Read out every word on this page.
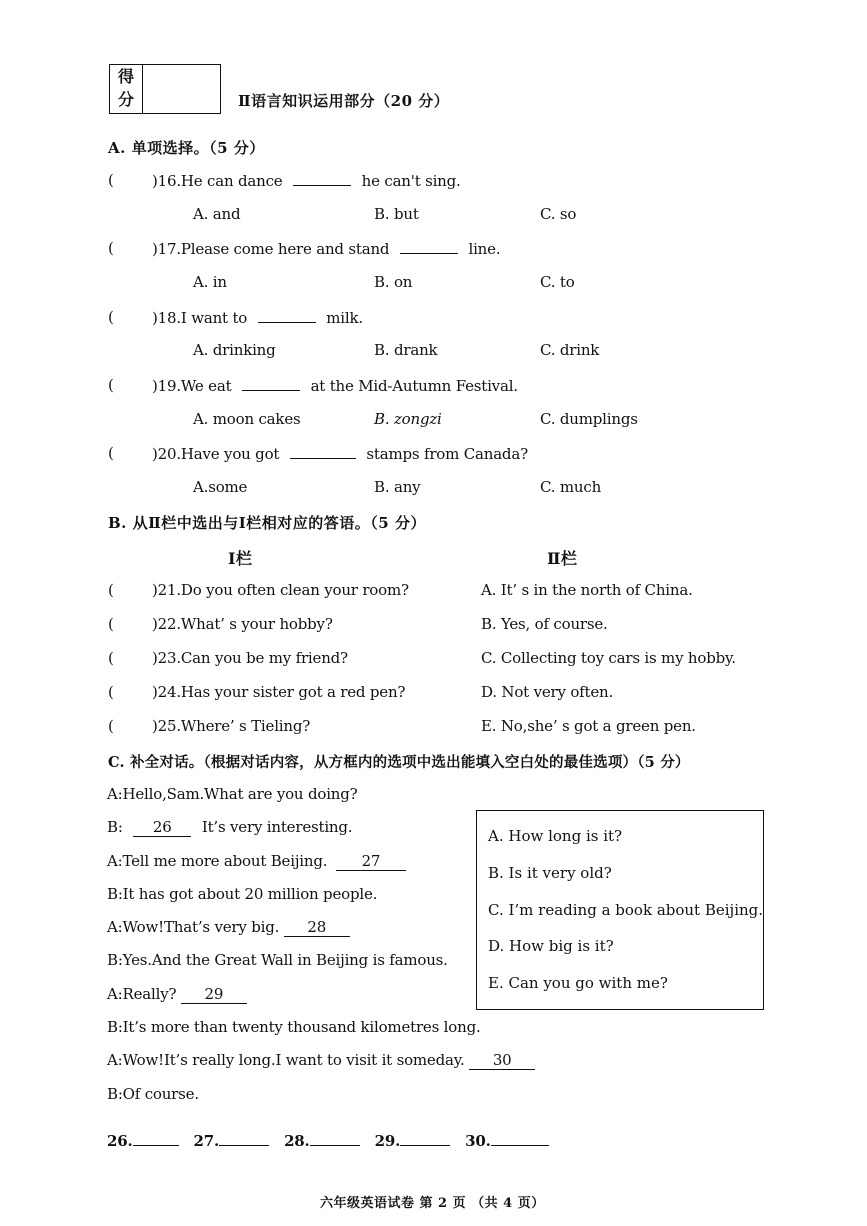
得
分	Ⅱ语言知识运用部分（20 分）
A. 单项选择。（5 分）
(	)16.He can dance	he can't sing.
A. and	B. but	C. so
(	)17.Please come here and stand	line.
A. in	B. on	C. to
(	)18.I want to	milk.
A. drinking	B. drank	C. drink
(	)19.We eat	at the Mid-Autumn Festival.
A. moon cakes	B. zongzi	C. dumplings
(	)20.Have you got	stamps from Canada?
A.some	B. any	C. much
B. 从Ⅱ栏中选出与Ⅰ栏相对应的答语。（5 分）
Ⅰ栏	Ⅱ栏
(	)21.Do you often clean your room?	A. It’ s in the north of China.
(	)22.What’ s your hobby?	B. Yes, of course.
(	)23.Can you be my friend?	C. Collecting toy cars is my hobby.
(	)24.Has your sister got a red pen?	D. Not very often.
(	)25.Where’ s Tieling?	E. No,she’ s got a green pen.
C. 补全对话。（根据对话内容，从方框内的选项中选出能填入空白处的最佳选项）（5 分）
A:Hello,Sam.What are you doing?
B: 26 It’s very interesting.
A:Tell me more about Beijing. 27
B:It has got about 20 million people.
A:Wow!That’s very big. 28
B:Yes.And the Great Wall in Beijing is famous.
A:Really? 29
B:It’s more than twenty thousand kilometres long.
A:Wow!It’s really long.I want to visit it someday. 30
B:Of course.
A. How long is it?
B. Is it very old?
C. I’m reading a book about Beijing.
D. How big is it?
E. Can you go with me?
26.	27.	28.	29.	30.
六年级英语试卷 第 2 页 （共 4 页）
